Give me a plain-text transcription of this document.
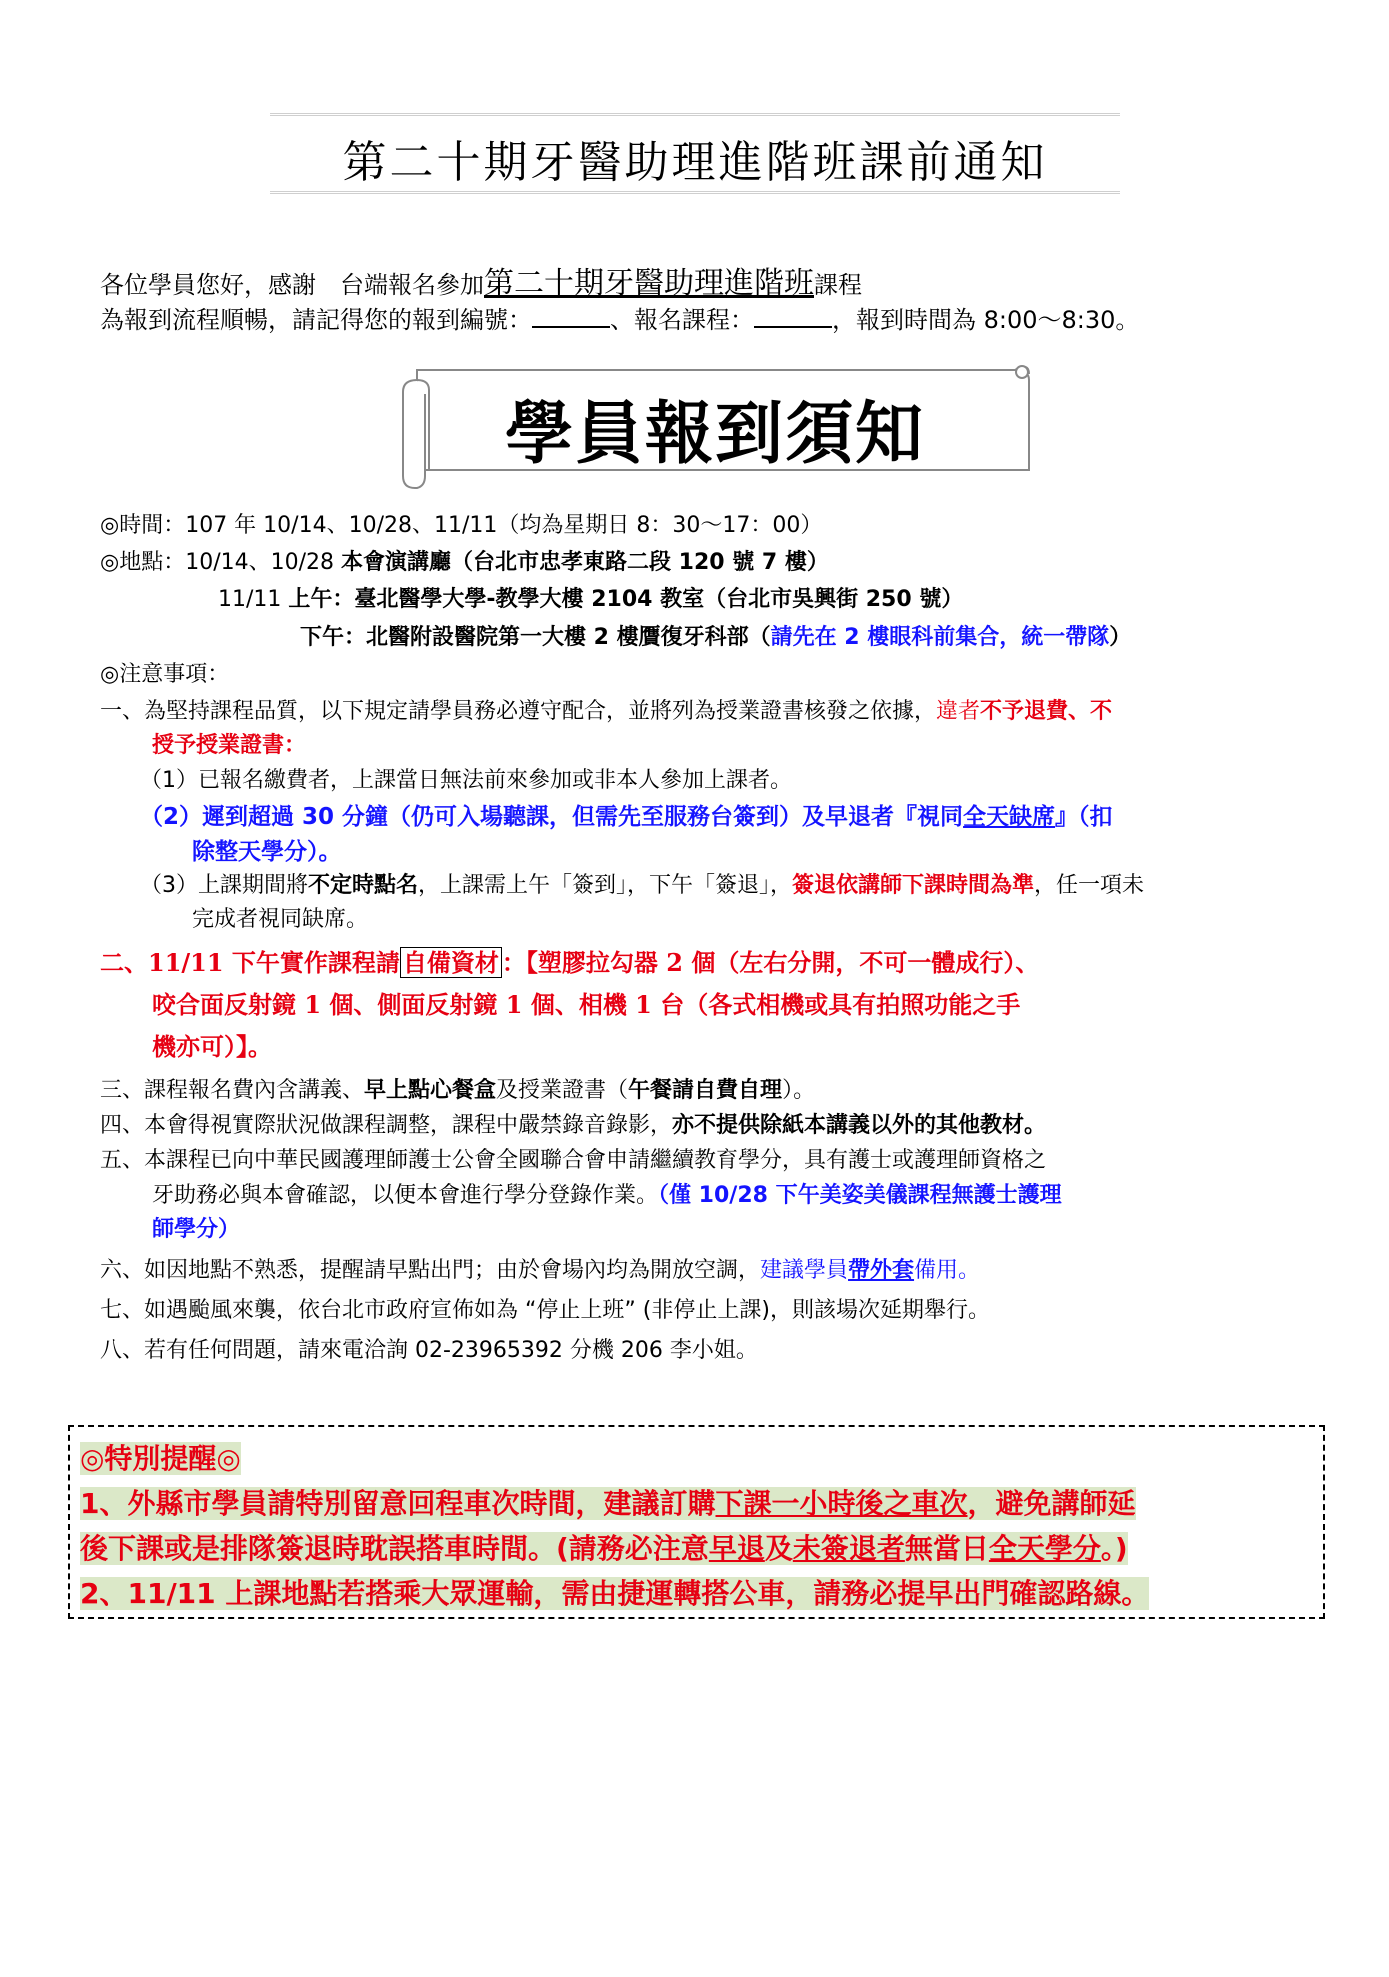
第二十期牙醫助理進階班課前通知
各位學員您好，感謝　台端報名參加第二十期牙醫助理進階班課程
為報到流程順暢，請記得您的報到編號：	、報名課程：	，報到時間為 8:00～8:30。
學員報到須知
◎時間：107 年 10/14、10/28、11/11（均為星期日 8：30～17：00）
◎地點：10/14、10/28 本會演講廳（台北市忠孝東路二段 120 號 7 樓）
11/11 上午：臺北醫學大學-教學大樓 2104 教室（台北市吳興街 250 號）
下午：北醫附設醫院第一大樓 2 樓贋復牙科部（請先在 2 樓眼科前集合，統一帶隊）
◎注意事項：
一、為堅持課程品質，以下規定請學員務必遵守配合，並將列為授業證書核發之依據，違者不予退費、不
授予授業證書：
（1）已報名繳費者，上課當日無法前來參加或非本人參加上課者。
（2）遲到超過 30 分鐘（仍可入場聽課，但需先至服務台簽到）及早退者『視同全天缺席』（扣
除整天學分）。
（3）上課期間將不定時點名，上課需上午「簽到」，下午「簽退」，簽退依講師下課時間為準，任一項未
完成者視同缺席。
二、11/11 下午實作課程請 自備資材 ：【塑膠拉勾器 2 個（左右分開，不可一體成行）、
咬合面反射鏡 1 個、側面反射鏡 1 個、相機 1 台（各式相機或具有拍照功能之手
機亦可）】。
三、課程報名費內含講義、早上點心餐盒及授業證書（午餐請自費自理）。
四、本會得視實際狀況做課程調整，課程中嚴禁錄音錄影，亦不提供除紙本講義以外的其他教材。
五、本課程已向中華民國護理師護士公會全國聯合會申請繼續教育學分，具有護士或護理師資格之
牙助務必與本會確認，以便本會進行學分登錄作業。（僅 10/28 下午美姿美儀課程無護士護理
師學分）
六、如因地點不熟悉，提醒請早點出門；由於會場內均為開放空調，建議學員帶外套備用。
七、如遇颱風來襲，依台北市政府宣佈如為 “停止上班” (非停止上課)，則該場次延期舉行。
八、若有任何問題，請來電洽詢 02-23965392 分機 206 李小姐。
◎特別提醒◎
1、外縣市學員請特別留意回程車次時間，建議訂購下課一小時後之車次，避免講師延
後下課或是排隊簽退時耽誤搭車時間。(請務必注意早退及未簽退者無當日全天學分。)
2、11/11 上課地點若搭乘大眾運輸，需由捷運轉搭公車，請務必提早出門確認路線。
